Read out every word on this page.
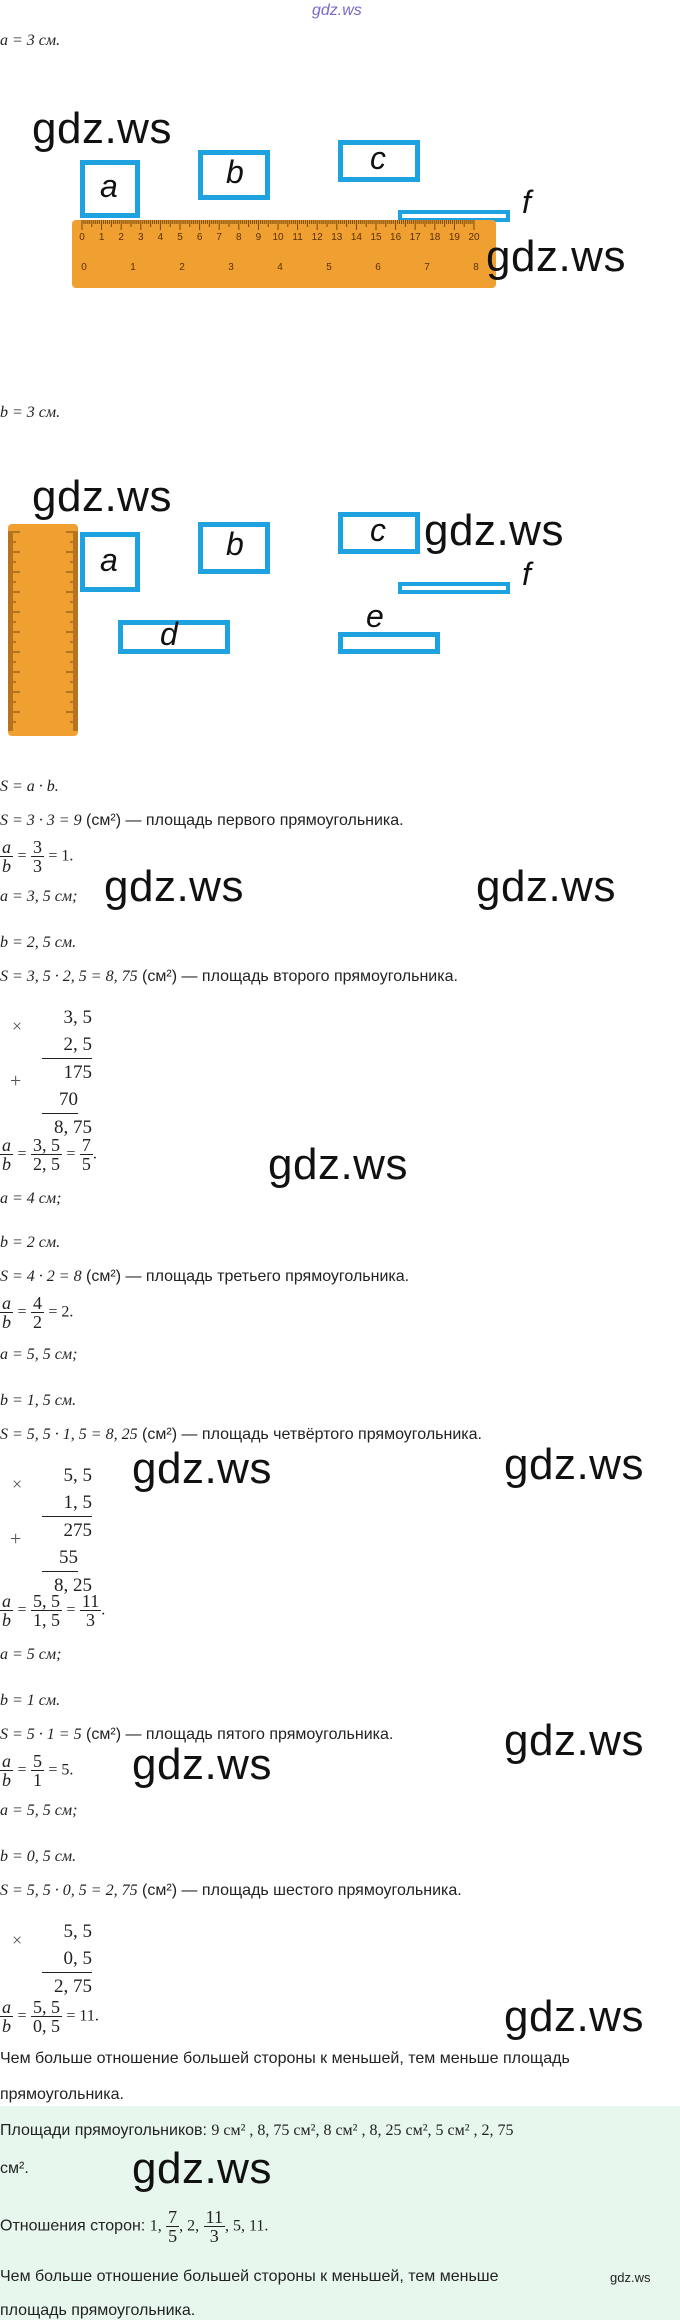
gdz.ws
a = 3 см.
gdz.ws
a	b	c
f
0 1 2 3 4 5 6 7 8 9 10 11 12 13 14 15 16 17 18 19 20
0	1	2	3	4	5	6	7	8 gdz.ws
b = 3 см.
gdz.ws
a	b	c gdz.ws
f
d	e
S = a · b.
S = 3 · 3 = 9 (см²) — площадь первого прямоугольника.
$\frac{a}{b} = \frac{3}{3} = 1$.
a = 3, 5 см; gdz.ws	gdz.ws
b = 2, 5 см.
S = 3, 5 · 2, 5 = 8, 75 (см²) — площадь второго прямоугольника.
×
+
3, 5
2, 5
175
70
8, 75
$\frac{a}{b} = \frac{3, 5}{2, 5} = \frac{7}{5}$ .	gdz.ws
a = 4 см;
b = 2 см.
S = 4 · 2 = 8 (см²) — площадь третьего прямоугольника.
$\frac{a}{b} = \frac{4}{2} = 2$.
a = 5, 5 см;
b = 1, 5 см.
S = 5, 5 · 1, 5 = 8, 25 (см²) — площадь четвёртого прямоугольника.
×
+
5, 5
1, 5
275
55
8, 25
gdz.ws	gdz.ws
$\frac{a}{b} = \frac{5, 5}{1, 5} = \frac{11}{3}$ .
a = 5 см;
b = 1 см.
S = 5 · 1 = 5 (см²) — площадь пятого прямоугольника.	gdz.ws
$\frac{a}{b} = \frac{5}{1} = 5$. gdz.ws
a = 5, 5 см;
b = 0, 5 см.
S = 5, 5 · 0, 5 = 2, 75 (см²) — площадь шестого прямоугольника.
×	5, 5
0, 5
2, 75
$\frac{a}{b} = \frac{5, 5}{0, 5} = 11$.	gdz.ws
Чем больше отношение большей стороны к меньшей, тем меньше площадь
прямоугольника.
Площади прямоугольников: 9 см² , 8, 75 см², 8 см² , 8, 25 см², 5 см² , 2, 75
см². gdz.ws
Отношения сторон: 1, $\frac{7}{5}$ , 2, $\frac{11}{3}$ , 5, 11.
Чем больше отношение большей стороны к меньшей, тем меньше	gdz.ws
площадь прямоугольника.
